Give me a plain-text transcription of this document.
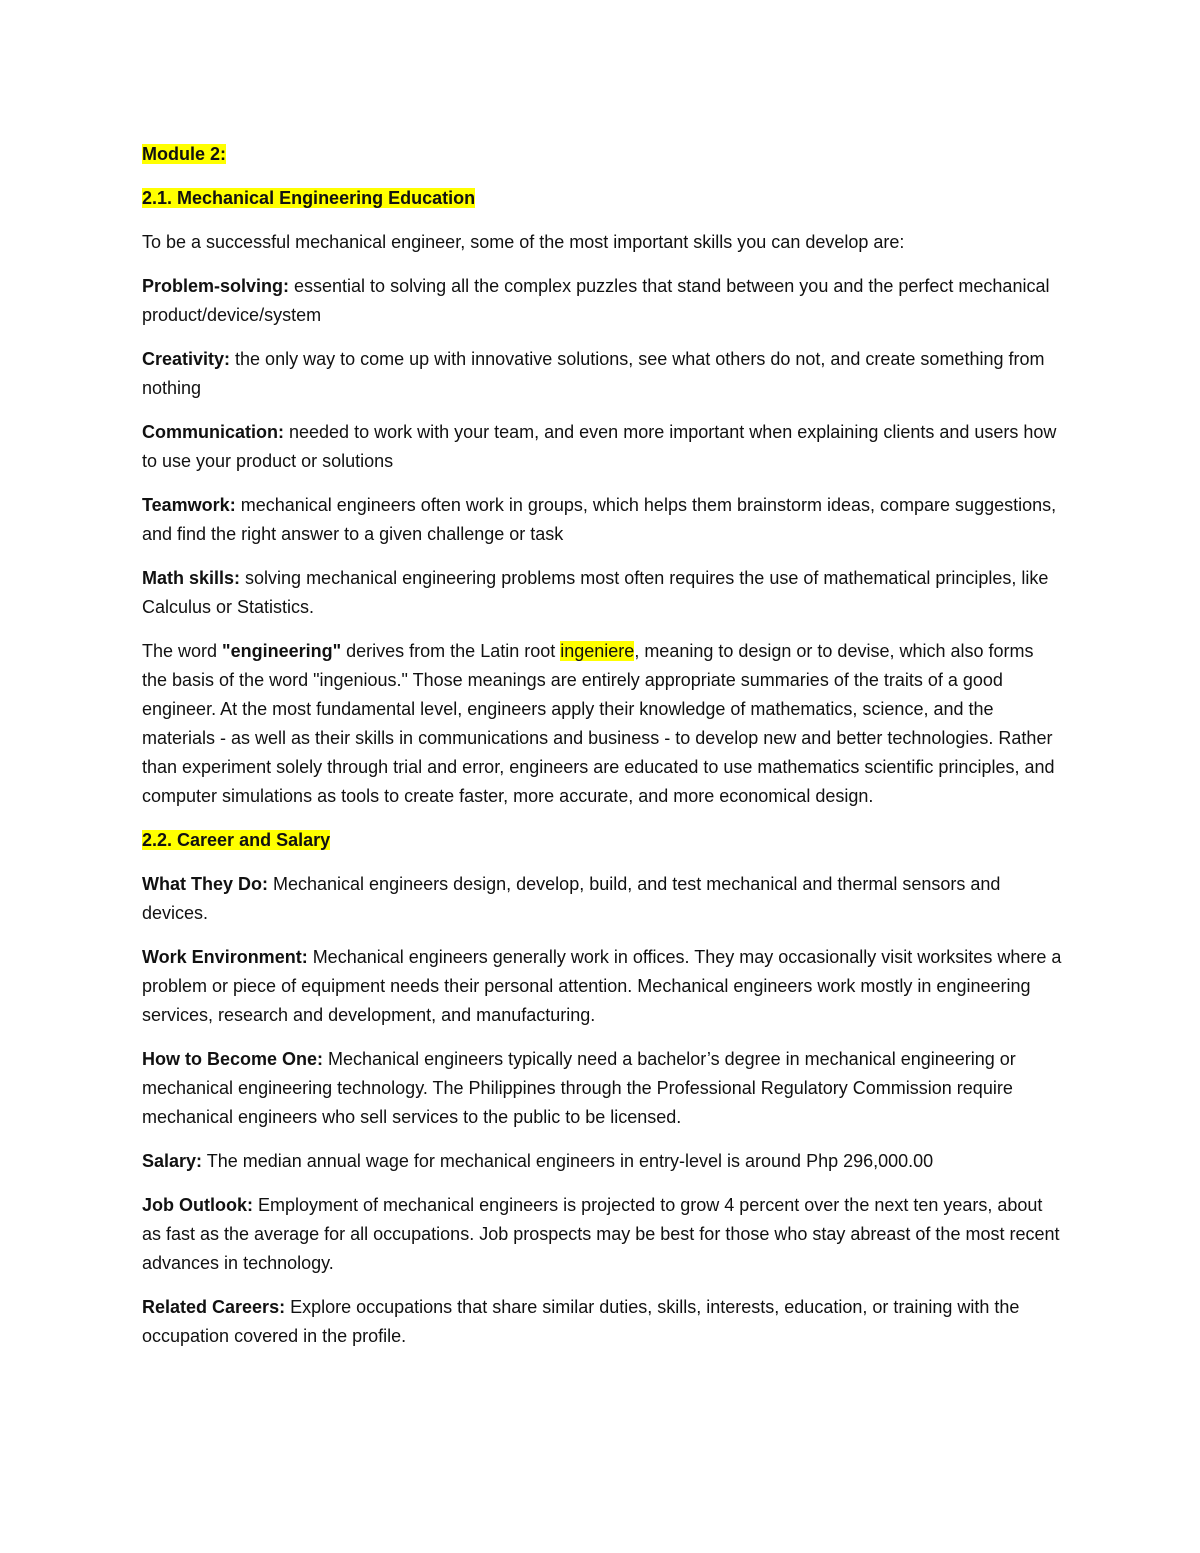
Module 2:

2.1. Mechanical Engineering Education

To be a successful mechanical engineer, some of the most important skills you can develop are:

Problem-solving: essential to solving all the complex puzzles that stand between you and the perfect mechanical product/device/system

Creativity: the only way to come up with innovative solutions, see what others do not, and create something from nothing

Communication: needed to work with your team, and even more important when explaining clients and users how to use your product or solutions

Teamwork: mechanical engineers often work in groups, which helps them brainstorm ideas, compare suggestions, and find the right answer to a given challenge or task

Math skills: solving mechanical engineering problems most often requires the use of mathematical principles, like Calculus or Statistics.

The word "engineering" derives from the Latin root ingeniere, meaning to design or to devise, which also forms the basis of the word "ingenious." Those meanings are entirely appropriate summaries of the traits of a good engineer. At the most fundamental level, engineers apply their knowledge of mathematics, science, and the materials - as well as their skills in communications and business - to develop new and better technologies. Rather than experiment solely through trial and error, engineers are educated to use mathematics scientific principles, and computer simulations as tools to create faster, more accurate, and more economical design.

2.2. Career and Salary

What They Do: Mechanical engineers design, develop, build, and test mechanical and thermal sensors and devices.

Work Environment: Mechanical engineers generally work in offices. They may occasionally visit worksites where a problem or piece of equipment needs their personal attention. Mechanical engineers work mostly in engineering services, research and development, and manufacturing.

How to Become One: Mechanical engineers typically need a bachelor’s degree in mechanical engineering or mechanical engineering technology. The Philippines through the Professional Regulatory Commission require mechanical engineers who sell services to the public to be licensed.

Salary: The median annual wage for mechanical engineers in entry-level is around Php 296,000.00

Job Outlook: Employment of mechanical engineers is projected to grow 4 percent over the next ten years, about as fast as the average for all occupations. Job prospects may be best for those who stay abreast of the most recent advances in technology.

Related Careers: Explore occupations that share similar duties, skills, interests, education, or training with the occupation covered in the profile.
